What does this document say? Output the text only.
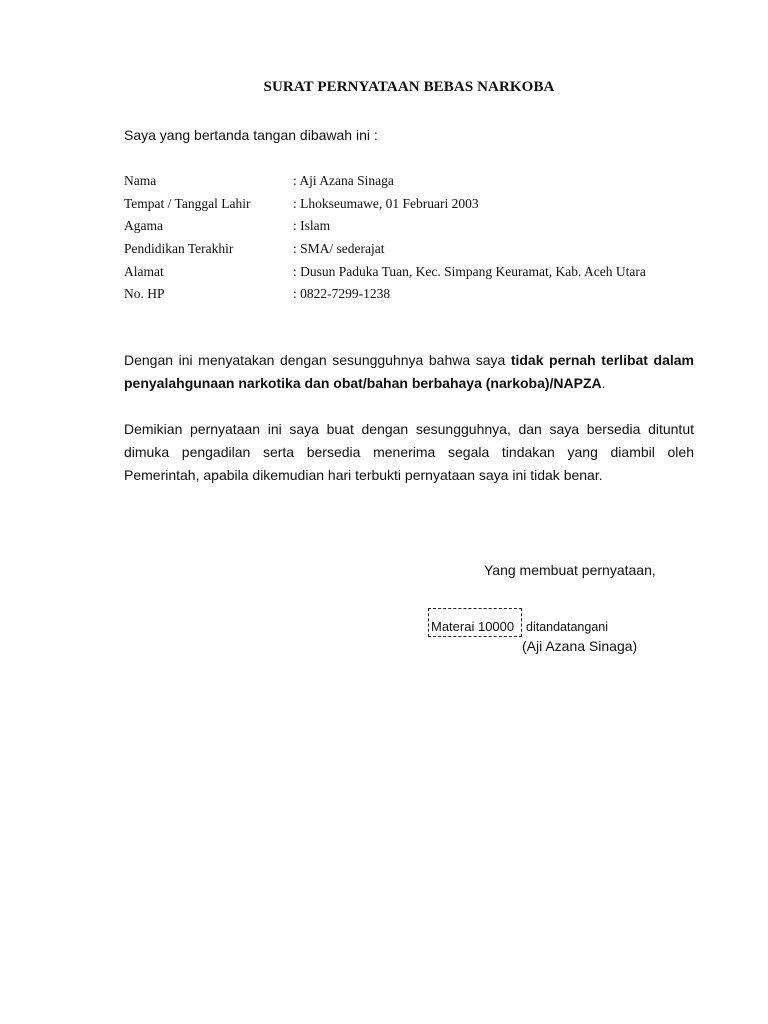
SURAT PERNYATAAN BEBAS NARKOBA
Saya yang bertanda tangan dibawah ini :
Nama	: Aji Azana Sinaga
Tempat / Tanggal Lahir	: Lhokseumawe, 01 Februari 2003
Agama	: Islam
Pendidikan Terakhir	: SMA/ sederajat
Alamat	: Dusun Paduka Tuan, Kec. Simpang Keuramat, Kab. Aceh Utara
No. HP	: 0822-7299-1238
Dengan ini menyatakan dengan sesungguhnya bahwa saya tidak pernah terlibat dalam penyalahgunaan narkotika dan obat/bahan berbahaya (narkoba)/NAPZA.
Demikian pernyataan ini saya buat dengan sesungguhnya, dan saya bersedia dituntut dimuka pengadilan serta bersedia menerima segala tindakan yang diambil oleh Pemerintah, apabila dikemudian hari terbukti pernyataan saya ini tidak benar.
Yang membuat pernyataan,
Materai 10000 ditandatangani
(Aji Azana Sinaga)
